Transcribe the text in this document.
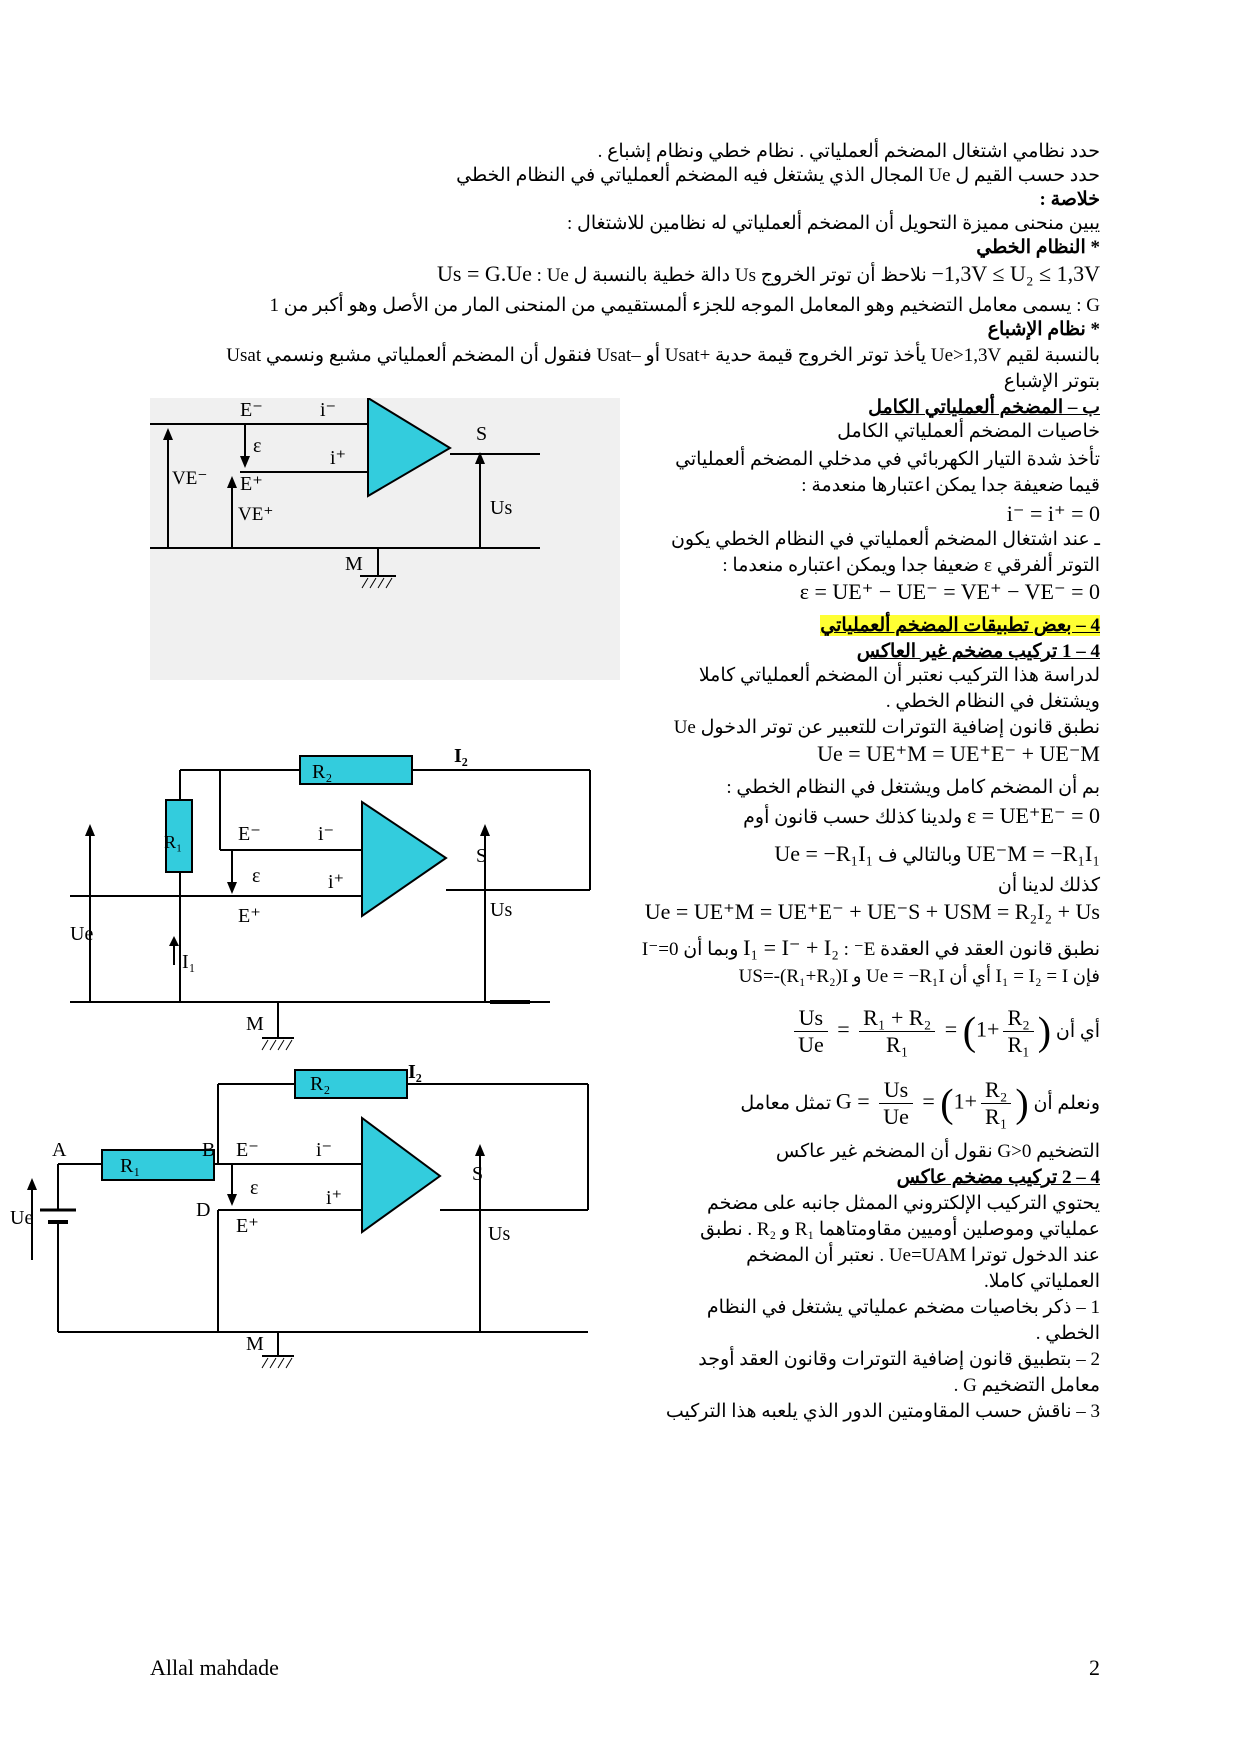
حدد نظامي اشتغال المضخم ألعملياتي . نظام خطي ونظام إشباع .
حدد حسب القيم ل Ue المجال الذي يشتغل فيه المضخم ألعملياتي في النظام الخطي
خلاصة :
يبين منحنى مميزة التحويل أن المضخم ألعملياتي له نظامين للاشتغال :
* النظام الخطي
−1,3V ≤ U₂ ≤ 1,3V نلاحظ أن توتر الخروج Us دالة خطية بالنسبة ل Ue : Us = G.Ue
G : يسمى معامل التضخيم وهو المعامل الموجه للجزء ألمستقيمي من المنحنى المار من الأصل وهو أكبر من 1
* نظام الإشباع
بالنسبة لقيم Ue>1,3V يأخذ توتر الخروج قيمة حدية +Usat أو –Usat فنقول أن المضخم ألعملياتي مشبع ونسمي Usat
بتوتر الإشباع
ب – المضخم ألعملياتي الكامل
خاصيات المضخم ألعملياتي الكامل
تأخذ شدة التيار الكهربائي في مدخلي المضخم ألعملياتي
قيما ضعيفة جدا يمكن اعتبارها منعدمة :
i⁻ = i⁺ = 0
ـ عند اشتغال المضخم ألعملياتي في النظام الخطي يكون
التوتر ألفرقي ε ضعيفا جدا ويمكن اعتباره منعدما :
ε = UE⁺ − UE⁻ = VE⁺ − VE⁻ = 0
4 – بعض تطبيقات المضخم ألعملياتي
4 – 1 تركيب مضخم غير العاكس
لدراسة هذا التركيب نعتبر أن المضخم ألعملياتي كاملا
ويشتغل في النظام الخطي .
نطبق قانون إضافية التوترات للتعبير عن توتر الدخول Ue
Ue = UE⁺M = UE⁺E⁻ + UE⁻M
بم أن المضخم كامل ويشتغل في النظام الخطي :
ε = UE⁺E⁻ = 0 ولدينا كذلك حسب قانون أوم
UE⁻M = −R₁I₁ وبالتالي ف Ue = −R₁I₁
كذلك لدينا أن
Ue = UE⁺M = UE⁺E⁻ + UE⁻S + USM = R₂I₂ + Us
نطبق قانون العقد في العقدة E⁻ : I₁ = I⁻ + I₂ وبما أن I⁻=0
فإن I₁ = I₂ = I أي أن Ue = −R₁I و US=-(R₁+R₂)I
أي أن
$\frac{Us}{Ue} = \frac{\text{R₁ + R₂}}{\text{R₁}} = (1+ \frac{\text{R₂}}{\text{R₁}}$ )
ونعلم أن $G = \frac{Us}{Ue} = (1+ \frac{\text{R₂}}{\text{R₁}}$ ) تمثل معامل
التضخيم G>0 نقول أن المضخم غير عاكس
4 – 2 تركيب مضخم عاكس
يحتوي التركيب الإلكتروني الممثل جانبه على مضخم
عملياتي وموصلين أوميين مقاومتاهما R₁ و R₂ . نطبق
عند الدخول توترا Ue=UAM . نعتبر أن المضخم
العملياتي كاملا.
1 – ذكر بخاصيات مضخم عملياتي يشتغل في النظام
الخطي .
2 – بتطبيق قانون إضافية التوترات وقانون العقد أوجد
معامل التضخيم G .
3 – ناقش حسب المقاومتين الدور الذي يلعبه هذا التركيب
E⁻	i⁻
ε
i⁺
S
VE⁻ E⁺
VE⁺	Us
M
R₂
I₂
R₁	E⁻	i⁻
S
ε	i⁺
E⁺	Us
Ue
I₁
M
R₂
I₂
A
R₁
B E⁻	i⁻
S
ε	i⁺
D
E⁺
Ue
Us
M
Allal mahdade	2
